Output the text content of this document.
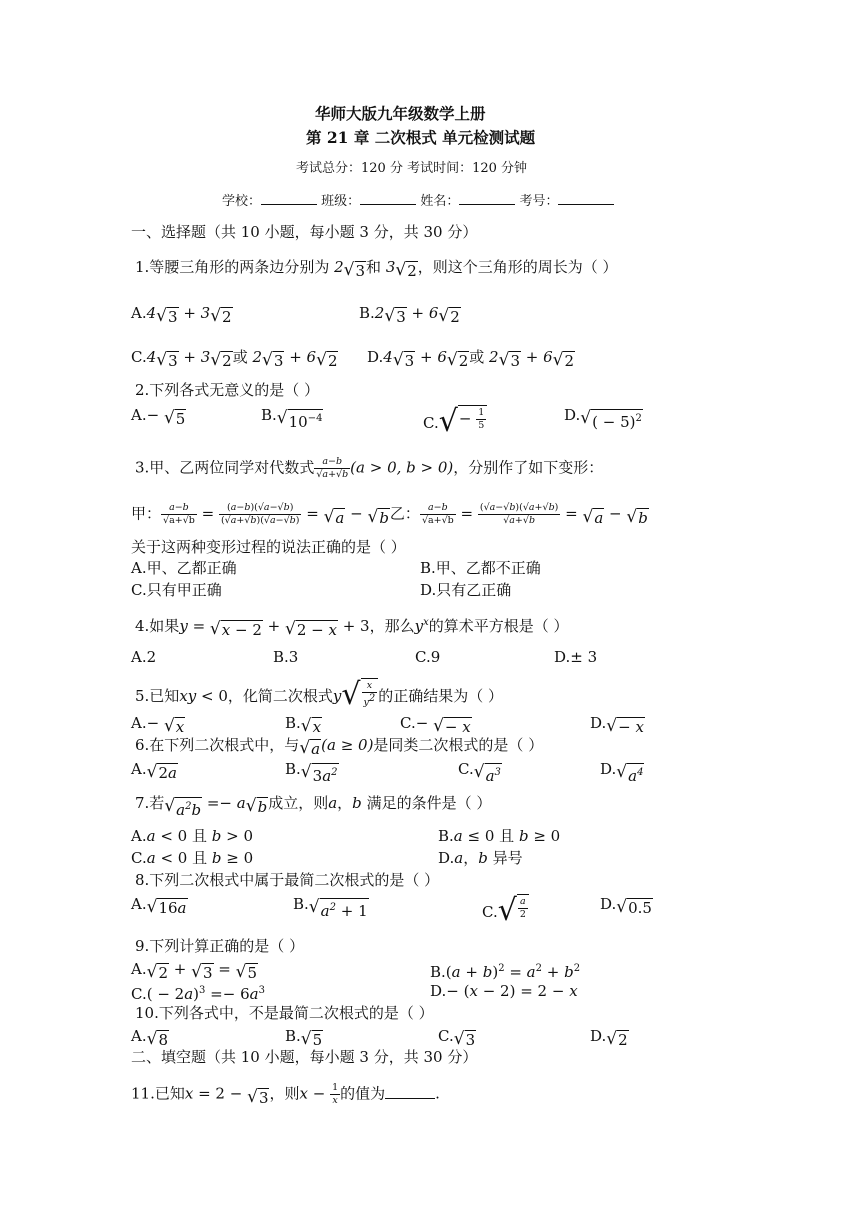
华师大版九年级数学上册
第 21 章 二次根式 单元检测试题
考试总分：120 分 考试时间：120 分钟
学校：	班级：	姓名：	考号：
一、选择题（共 10 小题，每小题 3 分，共 30 分）
1.等腰三角形的两条边分别为 2 √ 3 和 3 √ 2 ，则这个三角形的周长为（ ）
A.4 √ 3 + 3 √ 2	B.2 √ 3 + 6 √ 2
C.4 √ 3 + 3 √ 2 或 2 √ 3 + 6 √ 2 D.4 √ 3 + 6 √ 2 或 2 √ 3 + 6 √ 2
2.下列各式无意义的是（ ）
A.− √ 5	B. √ $10^{-4}$	C. √ − $\frac{1}{5}$	D. √ ( − 5)$^2$
3.甲、乙两位同学对代数式 $\frac{a-b}{√a+√b} (a > 0$, b > 0)，分别作了如下变形：
甲： $\frac{a-b}{√a+√b} = \frac{(a-b)(√a-√b)}{(√a+√b)(√a-√b)}$ = √ a − √ b 乙： $\frac{a-b}{√a+√b} = \frac{(√a-√b)(√a+√b)}{√a+√b}$ = √ a − √ b
关于这两种变形过程的说法正确的是（ ）
A.甲、乙都正确	B.甲、乙都不正确
C.只有甲正确	D.只有乙正确
4.如果y = √ x − 2 + √ 2 − x + 3，那么$y^x$的算术平方根是（ ）
A.2	B.3	C.9	D.± 3
5.已知xy < 0，化简二次根式y √ $\frac{x}{y^2}$ 的正确结果为（ ）
A.− √ x	B. √ x	C.− √ − x	D. √ − x
6.在下列二次根式中，与 √ a (a ≥ 0)是同类二次根式的是（ ）
A. √ 2a	B. √ $3a^2$	C. √ $a^3$	D. √ $a^4$
7.若 √ $a^2b =- a$ √ b 成立，则a，b 满足的条件是（ ）
A.a < 0 且 b > 0	B.a ≤ 0 且 b ≥ 0
C.a < 0 且 b ≥ 0	D.a，b 异号
8.下列二次根式中属于最简二次根式的是（ ）
A. √ 16a	B. √ $a^2 + 1$	C. √ $\frac{a}{2}$	D. √ 0.5
9.下列计算正确的是（ ）
A. √ 2 + √ 3 = √ 5	$B.(a + b)^2 = a^2 + b^2$
$C.( - 2a)^3 =- 6a^3$	D.− (x − 2) = 2 − x
10.下列各式中，不是最简二次根式的是（ ）
A. √ 8	B. √ 5	C. √ 3	D. √ 2
二、填空题（共 10 小题，每小题 3 分，共 30 分）
11.已知x = 2 − √ 3 ，则$x - \frac{1}{x}$ 的值为	.
